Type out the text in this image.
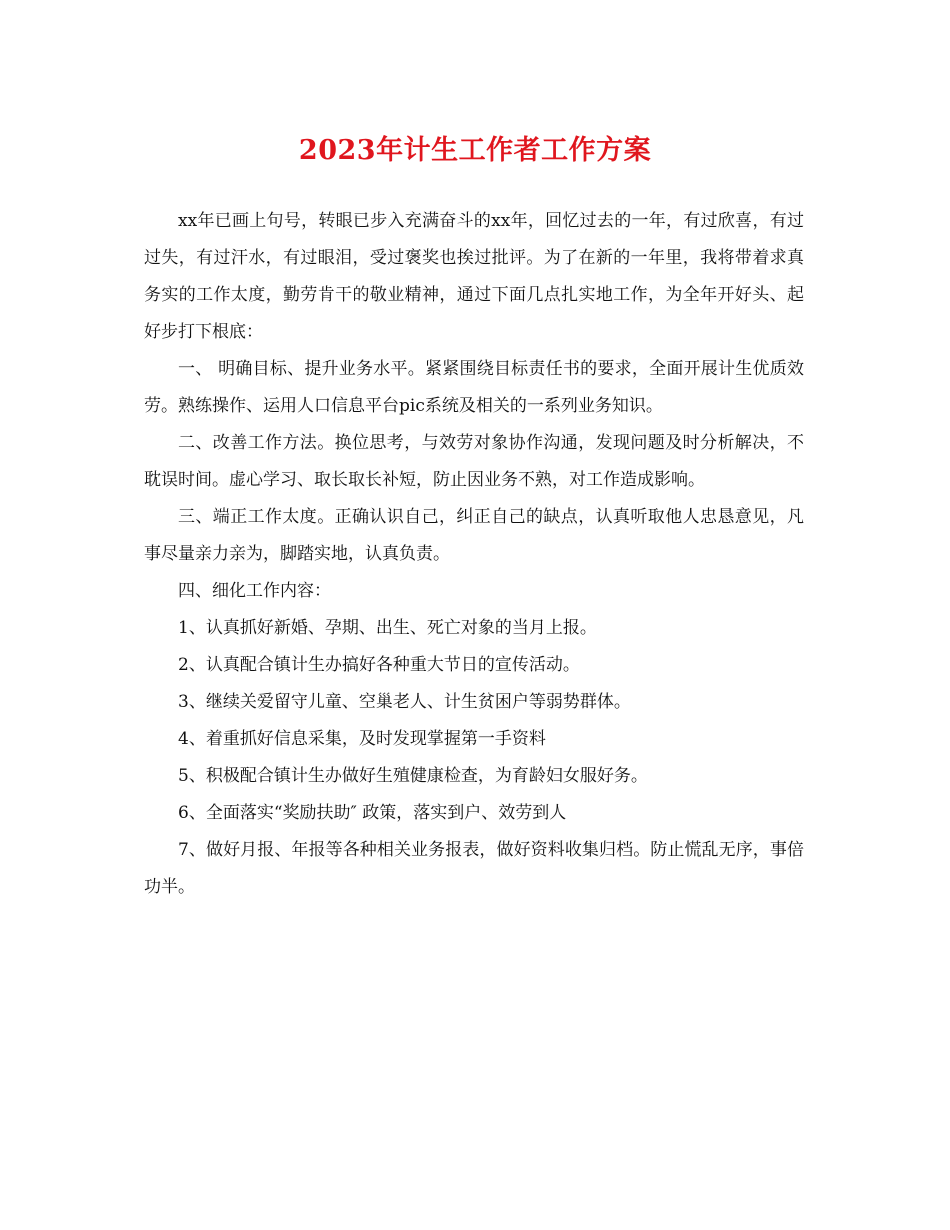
2023年计生工作者工作方案

xx年已画上句号，转眼已步入充满奋斗的xx年，回忆过去的一年，有过欣喜，有过过失，有过汗水，有过眼泪，受过褒奖也挨过批评。为了在新的一年里，我将带着求真务实的工作太度，勤劳肯干的敬业精神，通过下面几点扎实地工作，为全年开好头、起好步打下根底：

一、 明确目标、提升业务水平。紧紧围绕目标责任书的要求，全面开展计生优质效劳。熟练操作、运用人口信息平台pic系统及相关的一系列业务知识。

二、改善工作方法。换位思考，与效劳对象协作沟通，发现问题及时分析解决，不耽误时间。虚心学习、取长取长补短，防止因业务不熟，对工作造成影响。

三、端正工作太度。正确认识自己，纠正自己的缺点，认真听取他人忠恳意见，凡事尽量亲力亲为，脚踏实地，认真负责。

四、细化工作内容：

1、认真抓好新婚、孕期、出生、死亡对象的当月上报。

2、认真配合镇计生办搞好各种重大节日的宣传活动。

3、继续关爱留守儿童、空巢老人、计生贫困户等弱势群体。

4、着重抓好信息采集，及时发现掌握第一手资料

5、积极配合镇计生办做好生殖健康检查，为育龄妇女服好务。

6、全面落实“奖励扶助″ 政策，落实到户、效劳到人

7、做好月报、年报等各种相关业务报表，做好资料收集归档。防止慌乱无序，事倍功半。
